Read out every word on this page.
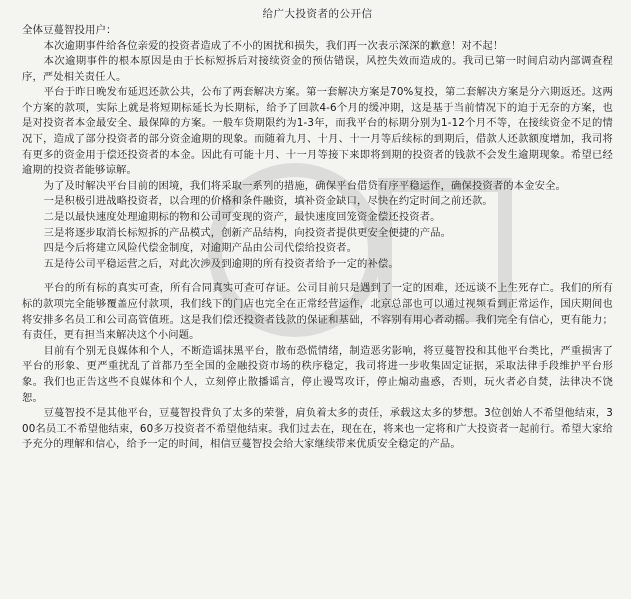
给广大投资者的公开信
全体豆蔓智投用户：

本次逾期事件给各位亲爱的投资者造成了不小的困扰和损失，我们再一次表示深深的歉意！对不起！

本次逾期事件的根本原因是由于长标短拆后对接续资金的预估错误，风控失效而造成的。我司已第一时间启动内部调查程序，严处相关责任人。

平台于昨日晚发布延迟还款公共，公布了两套解决方案。第一套解决方案是70%复投，第二套解决方案是分六期返还。这两个方案的款项，实际上就是将短期标延长为长期标，给予了回款4-6个月的缓冲期，这是基于当前情况下的迫于无奈的方案，也是对投资者本金最安全、最保障的方案。一般车贷期限约为1-3年，而我平台的标期分别为1-12个月不等，在接续资金不足的情况下，造成了部分投资者的部分资金逾期的现象。而随着九月、十月、十一月等后续标的到期后，借款人还款额度增加，我司将有更多的资金用于偿还投资者的本金。因此有可能十月、十一月等接下来即将到期的投资者的钱款不会发生逾期现象。希望已经逾期的投资者能够谅解。

为了及时解决平台目前的困境，我们将采取一系列的措施，确保平台借贷有序平稳运作，确保投资者的本金安全。

一是积极引进战略投资者，以合理的价格和条件融资，填补资金缺口，尽快在约定时间之前还款。

二是以最快速度处理逾期标的物和公司可变现的资产，最快速度回笼资金偿还投资者。

三是将逐步取消长标短拆的产品模式，创新产品结构，向投资者提供更安全便捷的产品。

四是今后将建立风险代偿金制度，对逾期产品由公司代偿给投资者。

五是待公司平稳运营之后，对此次涉及到逾期的所有投资者给予一定的补偿。

平台的所有标的真实可查，所有合同真实可查可存证。公司目前只是遇到了一定的困难，还远谈不上生死存亡。我们的所有标的款项完全能够覆盖应付款项，我们线下的门店也完全在正常经营运作，北京总部也可以通过视频看到正常运作，国庆期间也将安排多名员工和公司高管值班。这是我们偿还投资者钱款的保证和基础，不容别有用心者动摇。我们完全有信心，更有能力；有责任，更有担当来解决这个小问题。

目前有个别无良媒体和个人，不断造谣抹黑平台，散布恐慌情绪，制造恶劣影响，将豆蔓智投和其他平台类比，严重损害了平台的形象、更严重扰乱了首都乃至全国的金融投资市场的秩序稳定，我司将进一步收集固定证据，采取法律手段维护平台形象。我们也正告这些不良媒体和个人，立刻停止散播谣言，停止谩骂攻讦，停止煽动蛊惑，否则，玩火者必自焚，法律决不饶恕。

豆蔓智投不是其他平台，豆蔓智投背负了太多的荣誉，肩负着太多的责任，承载这太多的梦想。3位创始人不希望他结束，300名员工不希望他结束，60多万投资者不希望他结束。我们过去在，现在在，将来也一定将和广大投资者一起前行。希望大家给予充分的理解和信心，给予一定的时间，相信豆蔓智投会给大家继续带来优质安全稳定的产品。
